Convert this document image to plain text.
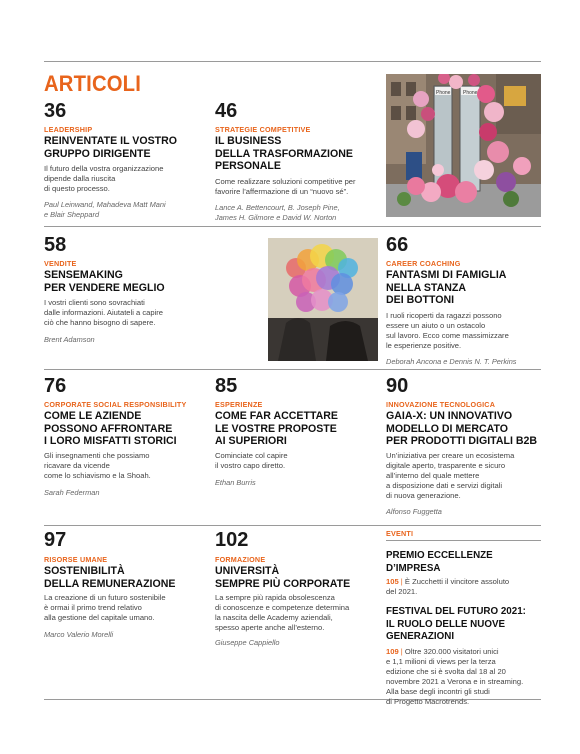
ARTICOLI
36
LEADERSHIP
REINVENTATE IL VOSTRO
GRUPPO DIRIGENTE
Il futuro della vostra organizzazione
dipende dalla riuscita
di questo processo.
Paul Leinwand, Mahadeva Matt Mani
e Blair Sheppard
46
STRATEGIE COMPETITIVE
IL BUSINESS
DELLA TRASFORMAZIONE
PERSONALE
Come realizzare soluzioni competitive per
favorire l’affermazione di un “nuovo sé”.
Lance A. Bettencourt, B. Joseph Pine,
James H. Gilmore e David W. Norton
Phone	Phone
58
VENDITE
SENSEMAKING
PER VENDERE MEGLIO
I vostri clienti sono sovrachiati
dalle informazioni. Aiutateli a capire
ciò che hanno bisogno di sapere.
Brent Adamson
66
CAREER COACHING
FANTASMI DI FAMIGLIA
NELLA STANZA
DEI BOTTONI
I ruoli ricoperti da ragazzi possono
essere un aiuto o un ostacolo
sul lavoro. Ecco come massimizzare
le esperienze positive.
Deborah Ancona e Dennis N. T. Perkins
76
CORPORATE SOCIAL RESPONSIBILITY
COME LE AZIENDE
POSSONO AFFRONTARE
I LORO MISFATTI STORICI
Gli insegnamenti che possiamo
ricavare da vicende
come lo schiavismo e la Shoah.
Sarah Federman
85
ESPERIENZE
COME FAR ACCETTARE
LE VOSTRE PROPOSTE
AI SUPERIORI
Cominciate col capire
il vostro capo diretto.
Ethan Burris
90
INNOVAZIONE TECNOLOGICA
GAIA-X: UN INNOVATIVO
MODELLO DI MERCATO
PER PRODOTTI DIGITALI B2B
Un’iniziativa per creare un ecosistema
digitale aperto, trasparente e sicuro
all’interno del quale mettere
a disposizione dati e servizi digitali
di nuova generazione.
Alfonso Fuggetta
97
RISORSE UMANE
SOSTENIBILITÀ
DELLA REMUNERAZIONE
La creazione di un futuro sostenibile
è ormai il primo trend relativo
alla gestione del capitale umano.
Marco Valerio Morelli
102
FORMAZIONE
UNIVERSITÀ
SEMPRE PIÙ CORPORATE
La sempre più rapida obsolescenza
di conoscenze e competenze determina
la nascita delle Academy aziendali,
spesso aperte anche all’esterno.
Giuseppe Cappiello
EVENTI
PREMIO ECCELLENZE D’IMPRESA
105 | È Zucchetti il vincitore assoluto
del 2021.
FESTIVAL DEL FUTURO 2021:
IL RUOLO DELLE NUOVE
GENERAZIONI
109 | Oltre 320.000 visitatori unici
e 1,1 milioni di views per la terza
edizione che si è svolta dal 18 al 20
novembre 2021 a Verona e in streaming.
Alla base degli incontri gli studi
di Progetto Macrotrends.
